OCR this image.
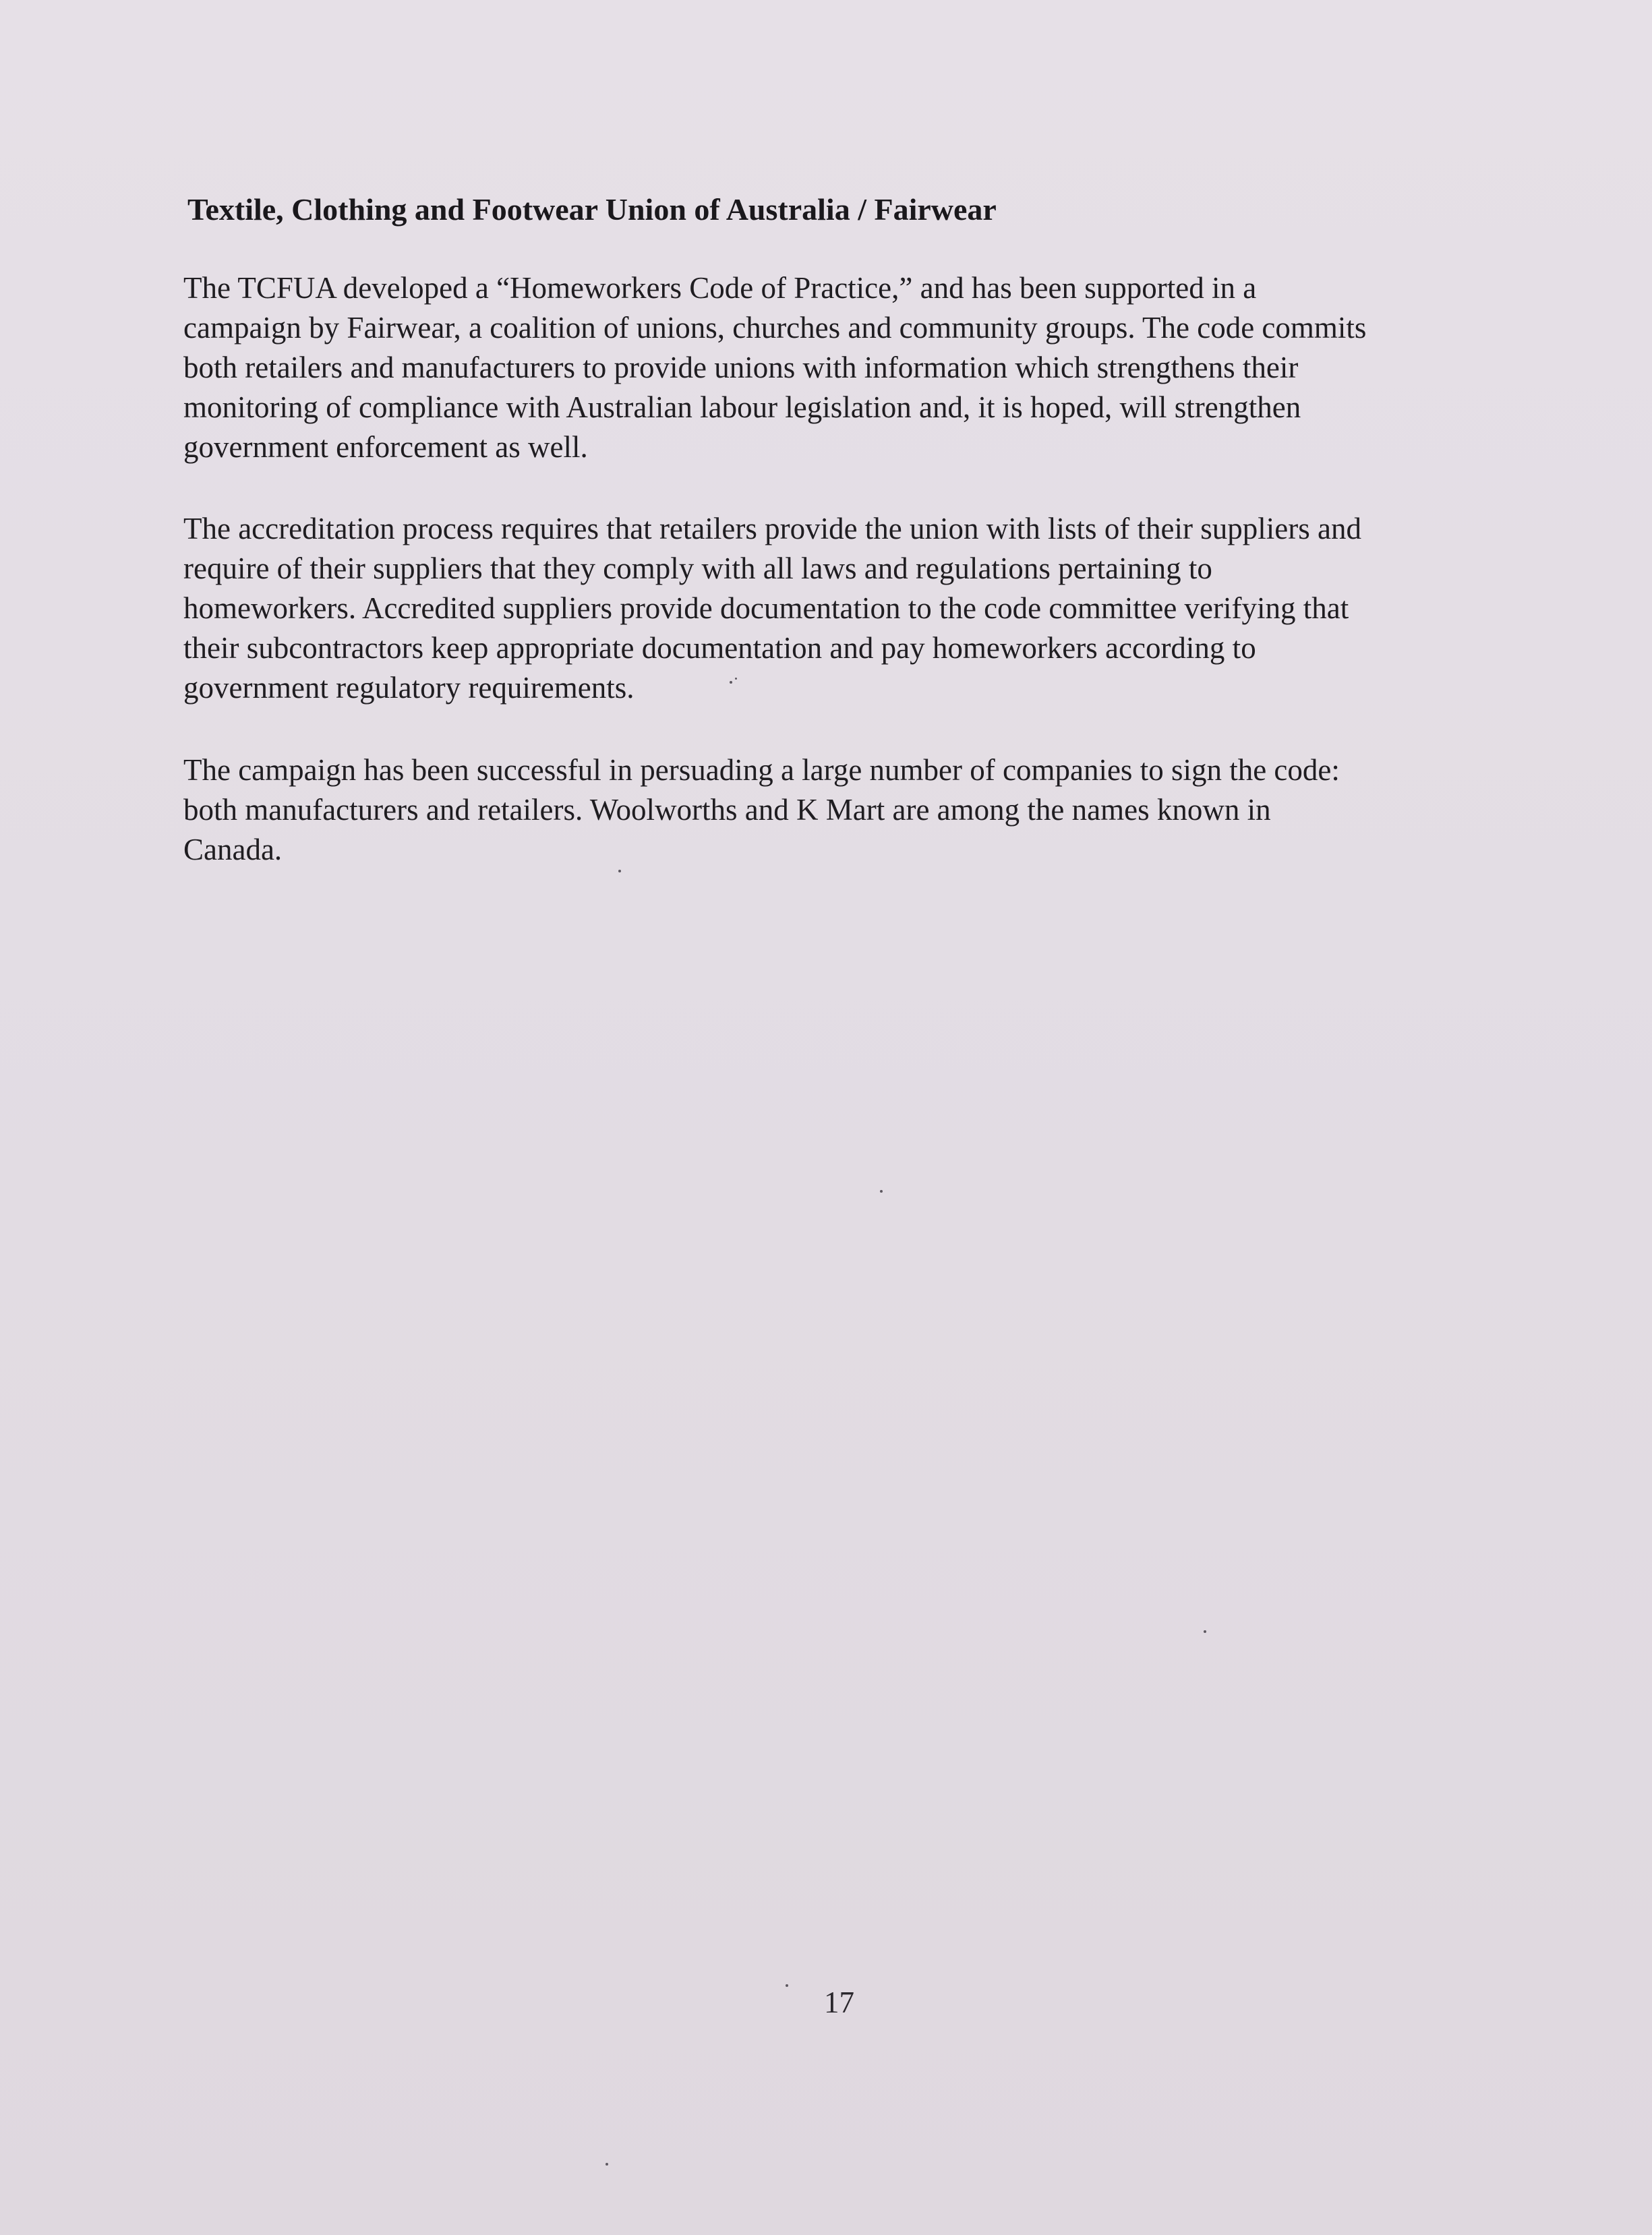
Textile, Clothing and Footwear Union of Australia / Fairwear

The TCFUA developed a “Homeworkers Code of Practice,” and has been supported in a
campaign by Fairwear, a coalition of unions, churches and community groups. The code commits
both retailers and manufacturers to provide unions with information which strengthens their
monitoring of compliance with Australian labour legislation and, it is hoped, will strengthen
government enforcement as well.

The accreditation process requires that retailers provide the union with lists of their suppliers and
require of their suppliers that they comply with all laws and regulations pertaining to
homeworkers. Accredited suppliers provide documentation to the code committee verifying that
their subcontractors keep appropriate documentation and pay homeworkers according to
government regulatory requirements.

The campaign has been successful in persuading a large number of companies to sign the code:
both manufacturers and retailers. Woolworths and K Mart are among the names known in
Canada.

17
